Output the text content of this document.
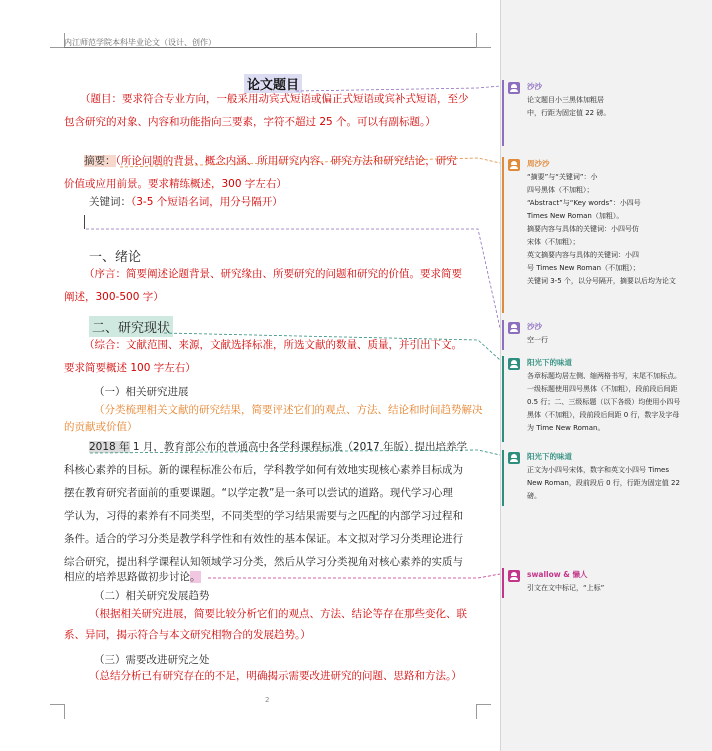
内江师范学院本科毕业论文（设计、创作）
论文题目
（题目：要求符合专业方向，一般采用动宾式短语或偏正式短语或宾补式短语，至少
包含研究的对象、内容和功能指向三要素，字符不超过 25 个。可以有副标题。）
摘要：（所论问题的背景、概念内涵、所用研究内容、研究方法和研究结论，研究
价值或应用前景。要求精练概述，300 字左右）
关键词：（3-5 个短语名词，用分号隔开）
一、绪论
（序言：简要阐述论题背景、研究缘由、所要研究的问题和研究的价值。要求简要
阐述，300-500 字）
二、研究现状
（综合：文献范围、来源，文献选择标准，所选文献的数量、质量，并引出下文。
要求简要概述 100 字左右）
（一）相关研究进展
（分类梳理相关文献的研究结果，简要评述它们的观点、方法、结论和时间趋势解决
的贡献或价值）
2018 年 1 月，教育部公布的普通高中各学科课程标准（2017 年版）提出培养学
科核心素养的目标。新的课程标准公布后，学科教学如何有效地实现核心素养目标成为
摆在教育研究者面前的重要课题。“以学定教”是一条可以尝试的道路。现代学习心理
学认为，习得的素养有不同类型，不同类型的学习结果需要与之匹配的内部学习过程和
条件。适合的学习分类是教学科学性和有效性的基本保证。本文拟对学习分类理论进行
综合研究，提出科学课程认知领域学习分类，然后从学习分类视角对核心素养的实质与
相应的培养思路做初步讨论。
（二）相关研究发展趋势
（根据相关研究进展，简要比较分析它们的观点、方法、结论等存在那些变化、联
系、异同，揭示符合与本文研究相物合的发展趋势。）
（三）需要改进研究之处
（总结分析已有研究存在的不足，明确揭示需要改进研究的问题、思路和方法。）
2
沙沙
论文题目小三黑体加粗居
中，行距为固定值 22 磅。
周沙沙
“摘要”与“关键词”：小
四号黑体（不加粗）；
“Abstract”与“Key words”：小四号
Times New Roman（加粗）。
摘要内容与具体的关键词：小四号仿
宋体（不加粗）；
英文摘要内容与具体的关键词：小四
号 Times New Roman（不加粗）；
关键词 3-5 个，以分号隔开，摘要以后均为论文
沙沙
空一行
阳光下的味道
各章标题均居左侧、缩两格书写，末尾不加标点。
一级标题使用四号黑体（不加粗），段前段后间距
0.5 行；二、三级标题（以下各级）均使用小四号
黑体（不加粗），段前段后间距 0 行，数字及字母
为 Time New Roman。
阳光下的味道
正文为小四号宋体，数字和英文小四号 Times
New Roman，段前段后 0 行，行距为固定值 22
磅。
swallow & 懒人
引文在文中标记，“上标”
